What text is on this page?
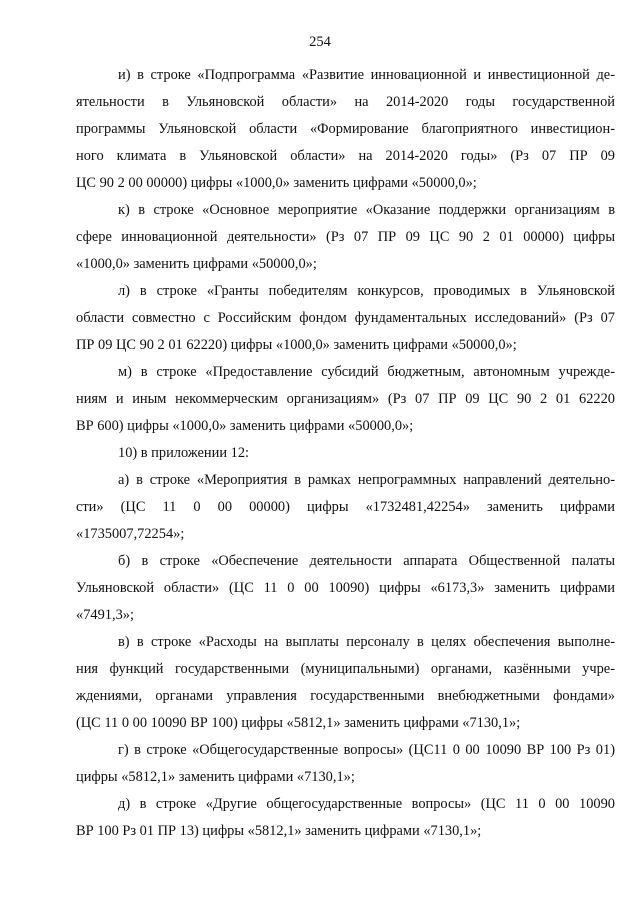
254
и) в строке «Подпрограмма «Развитие инновационной и инвестиционной де-
ятельности в Ульяновской области» на 2014-2020 годы государственной
программы Ульяновской области «Формирование благоприятного инвестицион-
ного климата в Ульяновской области» на 2014-2020 годы» (Рз 07 ПР 09
ЦС 90 2 00 00000) цифры «1000,0» заменить цифрами «50000,0»;
к) в строке «Основное мероприятие «Оказание поддержки организациям в
сфере инновационной деятельности» (Рз 07 ПР 09 ЦС 90 2 01 00000) цифры
«1000,0» заменить цифрами «50000,0»;
л) в строке «Гранты победителям конкурсов, проводимых в Ульяновской
области совместно с Российским фондом фундаментальных исследований» (Рз 07
ПР 09 ЦС 90 2 01 62220) цифры «1000,0» заменить цифрами «50000,0»;
м) в строке «Предоставление субсидий бюджетным, автономным учрежде-
ниям и иным некоммерческим организациям» (Рз 07 ПР 09 ЦС 90 2 01 62220
ВР 600) цифры «1000,0» заменить цифрами «50000,0»;
10) в приложении 12:
а) в строке «Мероприятия в рамках непрограммных направлений деятельно-
сти» (ЦС 11 0 00 00000) цифры «1732481,42254» заменить цифрами
«1735007,72254»;
б) в строке «Обеспечение деятельности аппарата Общественной палаты
Ульяновской области» (ЦС 11 0 00 10090) цифры «6173,3» заменить цифрами
«7491,3»;
в) в строке «Расходы на выплаты персоналу в целях обеспечения выполне-
ния функций государственными (муниципальными) органами, казёнными учре-
ждениями, органами управления государственными внебюджетными фондами»
(ЦС 11 0 00 10090 ВР 100) цифры «5812,1» заменить цифрами «7130,1»;
г) в строке «Общегосударственные вопросы» (ЦС11 0 00 10090 ВР 100 Рз 01)
цифры «5812,1» заменить цифрами «7130,1»;
д) в строке «Другие общегосударственные вопросы» (ЦС 11 0 00 10090
ВР 100 Рз 01 ПР 13) цифры «5812,1» заменить цифрами «7130,1»;
